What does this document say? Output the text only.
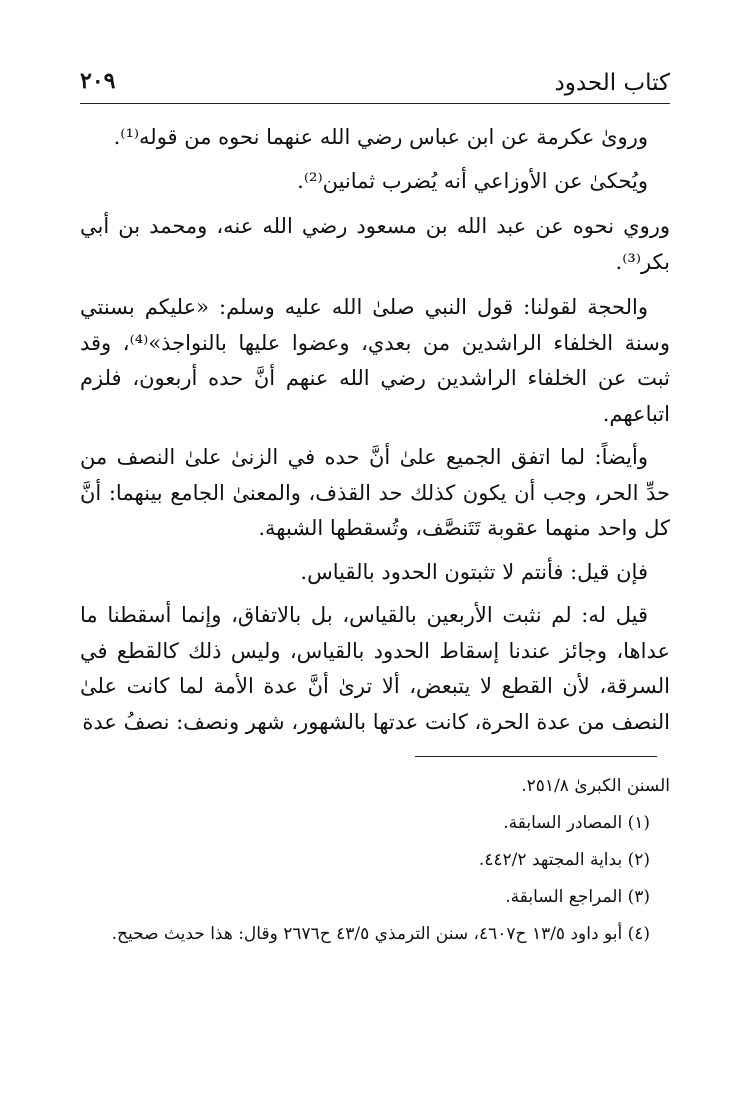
كتاب الحدود
٢٠٩

ورویٰ عكرمة عن ابن عباس رضي الله عنهما نحوه من قوله⁽¹⁾.

ويُحكىٰ عن الأوزاعي أنه يُضرب ثمانين⁽²⁾.

وروي نحوه عن عبد الله بن مسعود رضي الله عنه، ومحمد بن أبي بكر⁽³⁾.

والحجة لقولنا: قول النبي صلىٰ الله عليه وسلم: «عليكم بسنتي وسنة الخلفاء الراشدين من بعدي، وعضوا عليها بالنواجذ»⁽⁴⁾، وقد ثبت عن الخلفاء الراشدين رضي الله عنهم أنَّ حده أربعون، فلزم اتباعهم.

وأيضاً: لما اتفق الجميع علىٰ أنَّ حده في الزنىٰ علىٰ النصف من حدِّ الحر، وجب أن يكون كذلك حد القذف، والمعنىٰ الجامع بينهما: أنَّ كل واحد منهما عقوبة تَتَنصَّف، وتُسقطها الشبهة.

فإن قيل: فأنتم لا تثبتون الحدود بالقياس.

قيل له: لم نثبت الأربعين بالقياس، بل بالاتفاق، وإنما أسقطنا ما عداها، وجائز عندنا إسقاط الحدود بالقياس، وليس ذلك كالقطع في السرقة، لأن القطع لا يتبعض، ألا ترىٰ أنَّ عدة الأمة لما كانت علىٰ النصف من عدة الحرة، كانت عدتها بالشهور، شهر ونصف: نصفُ عدة

السنن الكبرىٰ ٢٥١/٨.

(١) المصادر السابقة.

(٢) بداية المجتهد ٤٤٢/٢.

(٣) المراجع السابقة.

(٤) أبو داود ١٣/٥ ح٤٦٠٧، سنن الترمذي ٤٣/٥ ح٢٦٧٦ وقال: هذا حديث صحيح.
